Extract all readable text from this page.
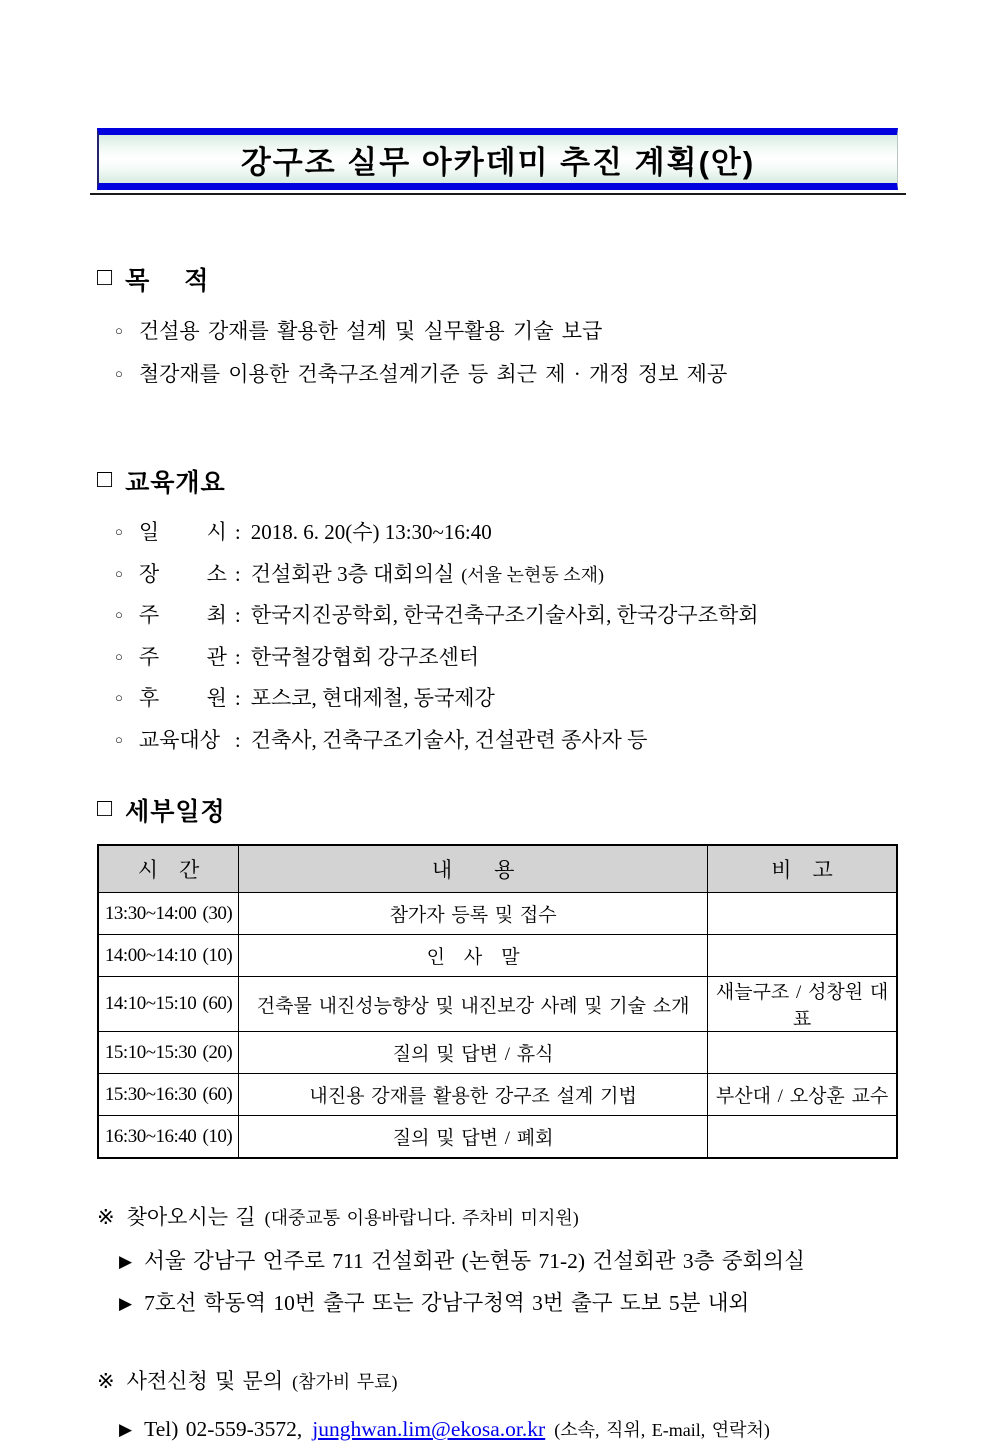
강구조 실무 아카데미 추진 계획(안)
□ 목　 적
○ 건설용 강재를 활용한 설계 및 실무활용 기술 보급
○ 철강재를 이용한 건축구조설계기준 등 최근 제 · 개정 정보 제공
□ 교육개요
○ 일 시 : 2018. 6. 20(수) 13:30~16:40
○ 장 소 : 건설회관 3층 대회의실 (서울 논현동 소재)
○ 주 최 : 한국지진공학회, 한국건축구조기술사회, 한국강구조학회
○ 주 관 : 한국철강협회 강구조센터
○ 후 원 : 포스코, 현대제철, 동국제강
○ 교육대상 : 건축사, 건축구조기술사, 건설관련 종사자 등
□ 세부일정
시　간	내　　용	비　고
13:30~14:00 (30)	참가자 등록 및 접수	
14:00~14:10 (10)	인　사　말	
14:10~15:10 (60)	건축물 내진성능향상 및 내진보강 사례 및 기술 소개	새늘구조 / 성창원 대표
15:10~15:30 (20)	질의 및 답변 / 휴식	
15:30~16:30 (60)	내진용 강재를 활용한 강구조 설계 기법	부산대 / 오상훈 교수
16:30~16:40 (10)	질의 및 답변 / 폐회	
※ 찾아오시는 길 (대중교통 이용바랍니다. 주차비 미지원)
▶ 서울 강남구 언주로 711 건설회관 (논현동 71-2) 건설회관 3층 중회의실
▶ 7호선 학동역 10번 출구 또는 강남구청역 3번 출구 도보 5분 내외
※ 사전신청 및 문의 (참가비 무료)
▶ Tel) 02-559-3572, junghwan.lim@ekosa.or.kr (소속, 직위, E-mail, 연락처)
